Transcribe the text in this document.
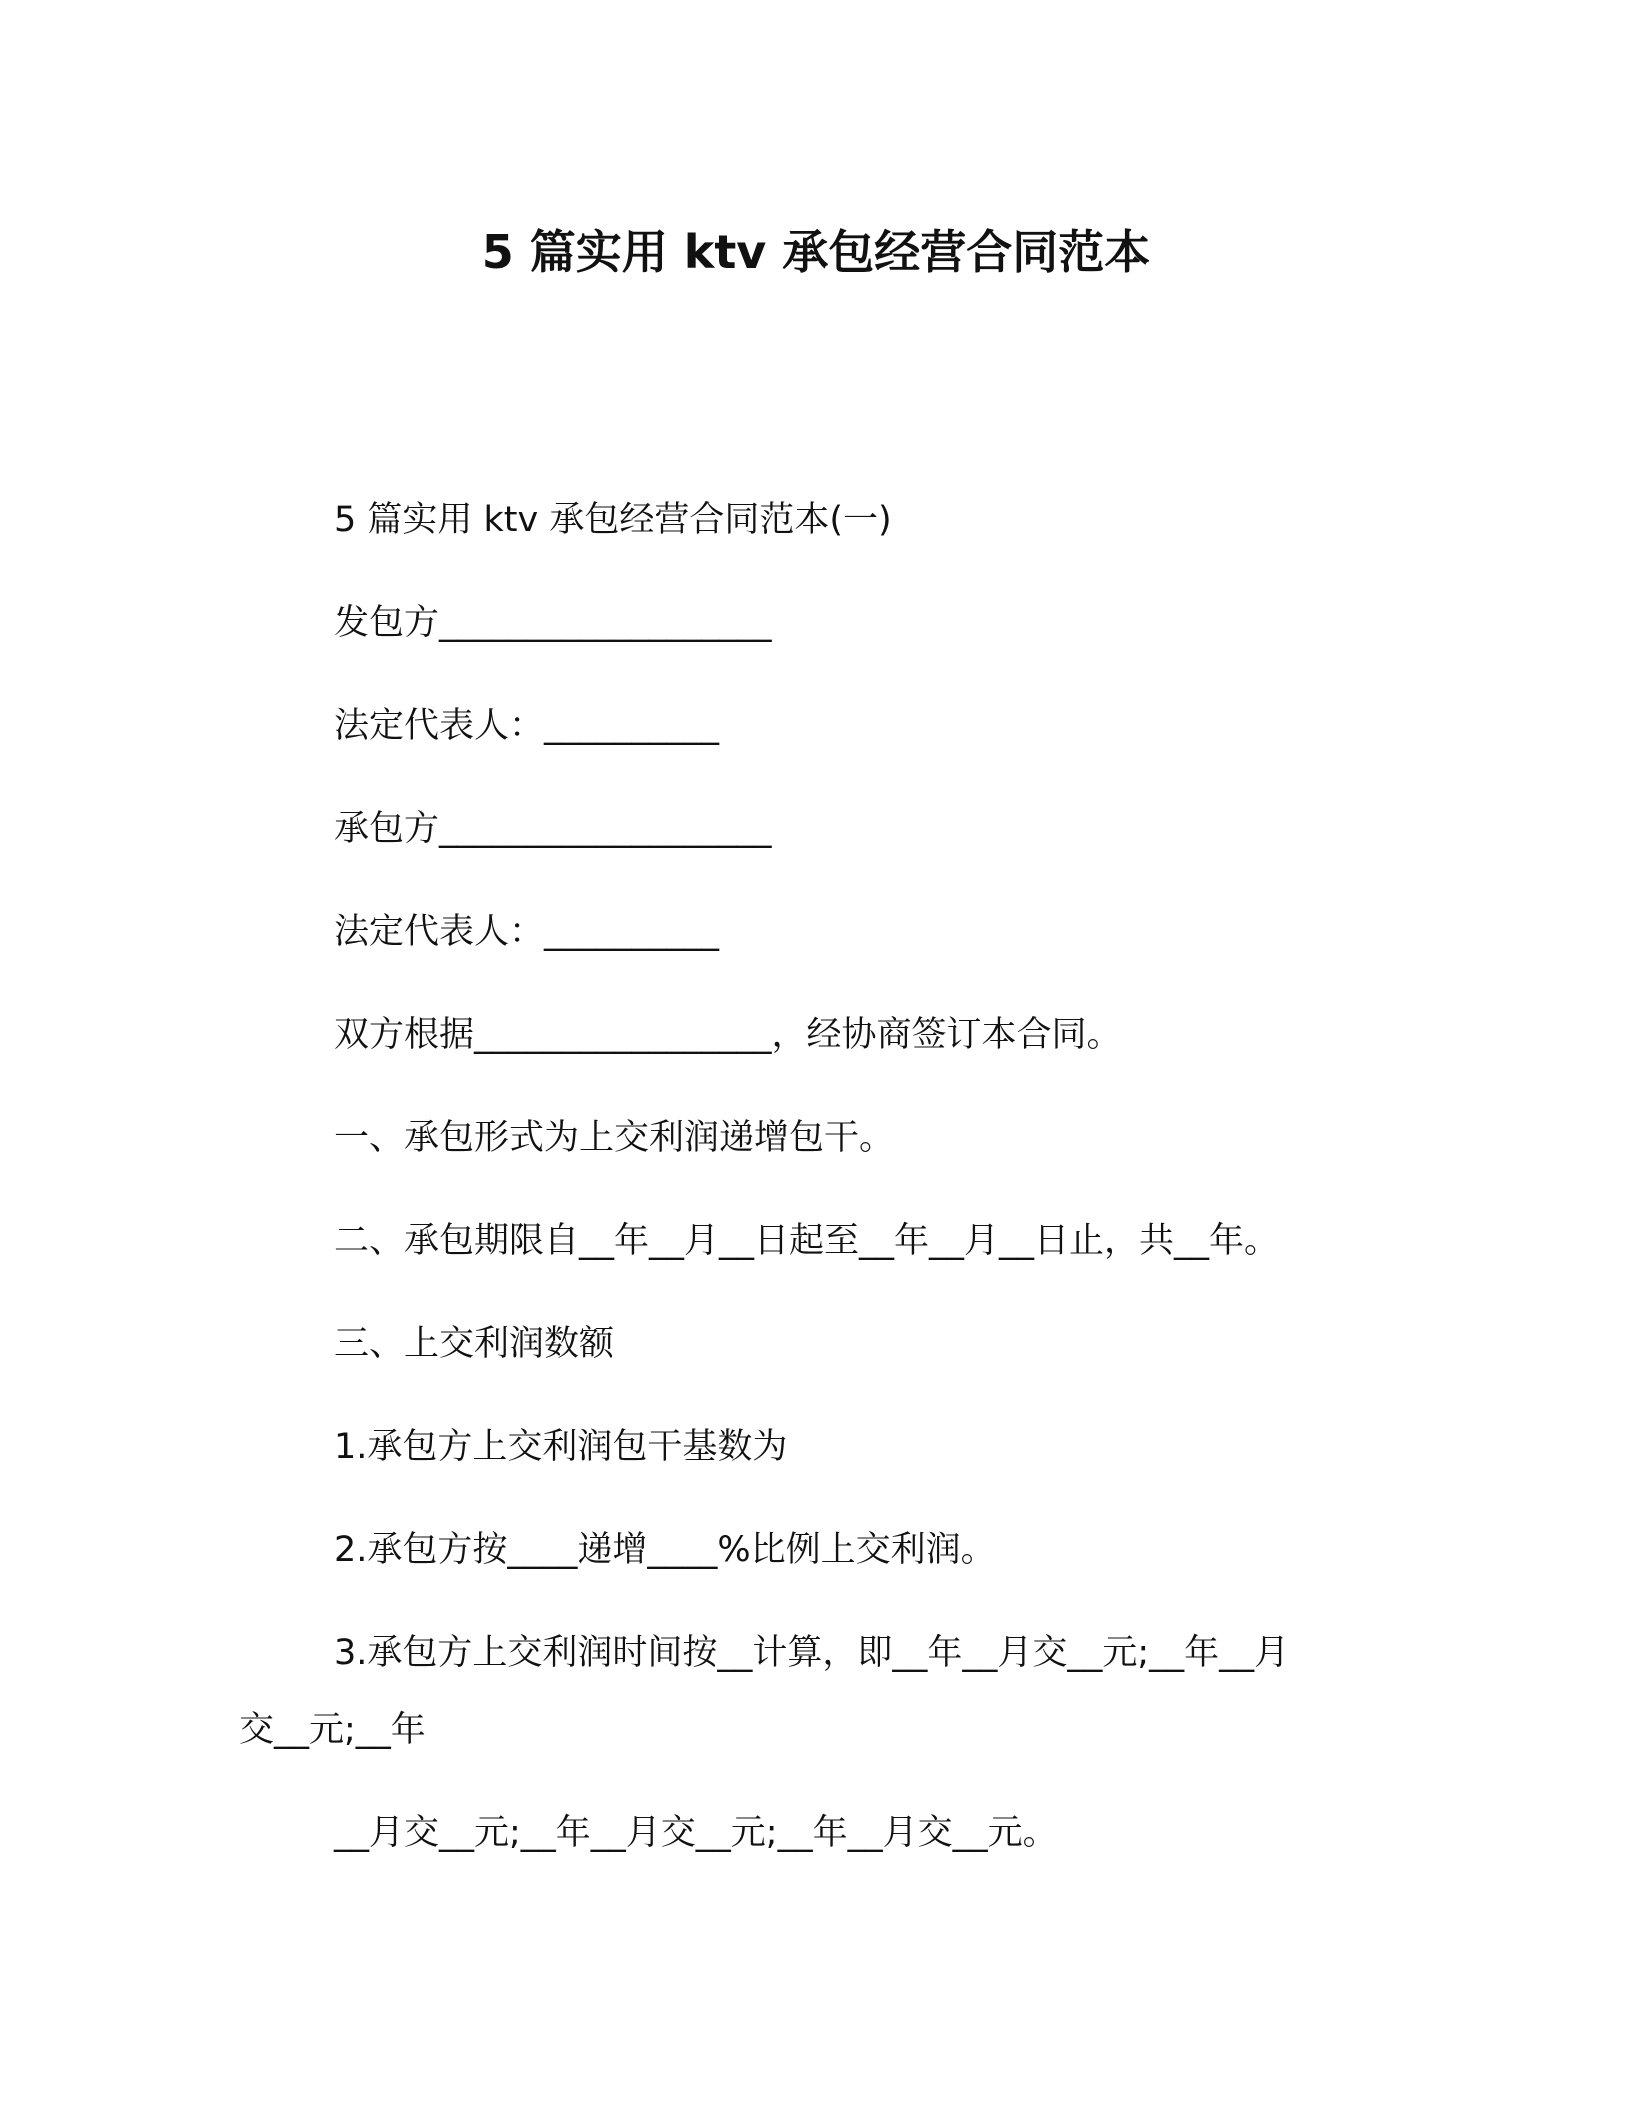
5 篇实用 ktv 承包经营合同范本
5 篇实用 ktv 承包经营合同范本(一)
发包方___________________
法定代表人：__________
承包方___________________
法定代表人：__________
双方根据_________________，经协商签订本合同。
一、承包形式为上交利润递增包干。
二、承包期限自__年__月__日起至__年__月__日止，共__年。
三、上交利润数额
1.承包方上交利润包干基数为
2.承包方按____递增____%比例上交利润。
3.承包方上交利润时间按__计算，即__年__月交__元;__年__月
交__元;__年
__月交__元;__年__月交__元;__年__月交__元。
